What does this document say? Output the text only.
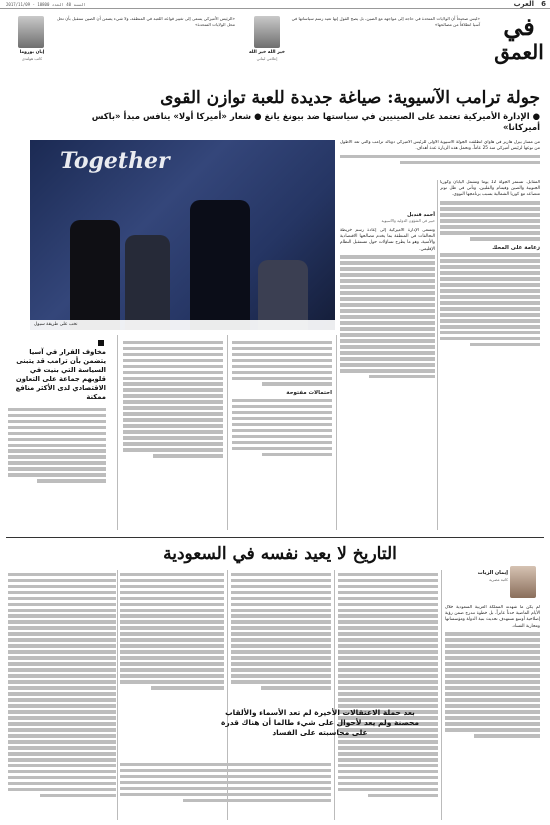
6
العرب
السنة 40 العدد 10800 - 2017/11/09
في
العمق
«ليس صحيحاً أن الولايات المتحدة في حاجة إلى مواجهة مع الصين، بل يصح القول إنها تعيد رسم سياساتها في آسيا انطلاقاً من مصالحها»
خير الله خير الله
إعلامي لبناني
«الرئيس الأميركي يسعى إلى تغيير قواعد اللعبة في المنطقة، ولا شيء يضمن أن الصين ستقبل بأن تحل محل الولايات المتحدة»
إيان بوروما
كاتب هولندي
جولة ترامب الآسيوية: صياغة جديدة للعبة توازن القوى
● الإدارة الأميركية تعتمد على الصينيين في سياستها ضد بيونغ يانغ ● شعار «أميركا أولا» ينافس مبدأ «باكس أميركانا»
Together
نخب على طريقة سيول
من مسار بيرل هاربر في هاواي انطلقت الجولة الآسيوية الأولى للرئيس الأميركي دونالد ترامب والتي تعد الأطول من نوعها لرئيس أميركي منذ 25 عاماً، وتحمل هذه الزيارة عدة أهداف.
المقابل. تستمر الجولة 12 يوماً وتشمل اليابان وكوريا الجنوبية والصين وفيتنام والفلبين، وتأتي في ظل توتر متصاعد مع كوريا الشمالية بسبب برنامجها النووي.
زعامة على المحك
أحمد قنديل
خبير في الشؤون الدولية والآسيوية
وتسعى الإدارة الأميركية إلى إعادة رسم خريطة التحالفات في المنطقة بما يخدم مصالحها الاقتصادية والأمنية، وهو ما يطرح تساؤلات حول مستقبل النظام الإقليمي.
احتمالات مفتوحة
مخاوف القرار في آسيا يتضمن بأن ترامب قد يتبنى السياسة التي بنيت في قلوبهم جماعة على التعاون الاقتصادي لدى الأكثر منافع ممكنة
التاريخ لا يعيد نفسه في السعودية
إيمان الزيات
كاتبة مصرية
لم يكن ما شهدته المملكة العربية السعودية خلال الأيام الماضية حدثاً عابراً، بل خطوة تندرج ضمن رؤية إصلاحية أوسع تستهدف تحديث بنية الدولة ومؤسساتها ومحاربة الفساد.
بعد حملة الاعتقالات الأخيرة لم تعد الأسماء والألقاب محصنة ولم يعد لأحوال على شيء طالما أن هناك قدرة على محاسبته على الفساد
